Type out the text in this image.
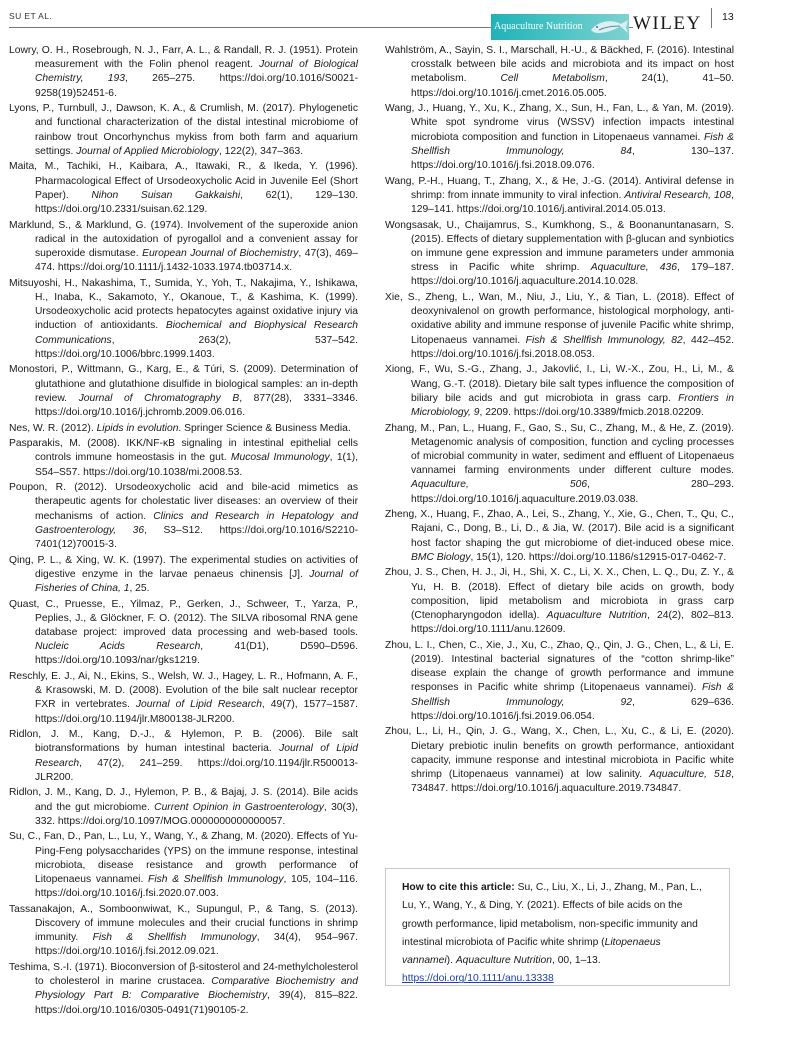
SU ET AL.
Aquaculture Nutrition	WILEY 13

Lowry, O. H., Rosebrough, N. J., Farr, A. L., & Randall, R. J. (1951). Protein measurement with the Folin phenol reagent. Journal of Biological Chemistry, 193, 265–275. https://doi.org/10.1016/S0021-9258(19)52451-6.

Lyons, P., Turnbull, J., Dawson, K. A., & Crumlish, M. (2017). Phylogenetic and functional characterization of the distal intestinal microbiome of rainbow trout Oncorhynchus mykiss from both farm and aquarium settings. Journal of Applied Microbiology, 122(2), 347–363.

Maita, M., Tachiki, H., Kaibara, A., Itawaki, R., & Ikeda, Y. (1996). Pharmacological Effect of Ursodeoxycholic Acid in Juvenile Eel (Short Paper). Nihon Suisan Gakkaishi, 62(1), 129–130. https://doi.org/10.2331/suisan.62.129.

Marklund, S., & Marklund, G. (1974). Involvement of the superoxide anion radical in the autoxidation of pyrogallol and a convenient assay for superoxide dismutase. European Journal of Biochemistry, 47(3), 469–474. https://doi.org/10.1111/j.1432-1033.1974.tb03714.x.

Mitsuyoshi, H., Nakashima, T., Sumida, Y., Yoh, T., Nakajima, Y., Ishikawa, H., Inaba, K., Sakamoto, Y., Okanoue, T., & Kashima, K. (1999). Ursodeoxycholic acid protects hepatocytes against oxidative injury via induction of antioxidants. Biochemical and Biophysical Research Communications, 263(2), 537–542. https://doi.org/10.1006/bbrc.1999.1403.

Monostori, P., Wittmann, G., Karg, E., & Túri, S. (2009). Determination of glutathione and glutathione disulfide in biological samples: an in-depth review. Journal of Chromatography B, 877(28), 3331–3346. https://doi.org/10.1016/j.jchromb.2009.06.016.

Nes, W. R. (2012). Lipids in evolution. Springer Science & Business Media.

Pasparakis, M. (2008). IKK/NF-κB signaling in intestinal epithelial cells controls immune homeostasis in the gut. Mucosal Immunology, 1(1), S54–S57. https://doi.org/10.1038/mi.2008.53.

Poupon, R. (2012). Ursodeoxycholic acid and bile-acid mimetics as therapeutic agents for cholestatic liver diseases: an overview of their mechanisms of action. Clinics and Research in Hepatology and Gastroenterology, 36, S3–S12. https://doi.org/10.1016/S2210-7401(12)70015-3.

Qing, P. L., & Xing, W. K. (1997). The experimental studies on activities of digestive enzyme in the larvae penaeus chinensis [J]. Journal of Fisheries of China, 1, 25.

Quast, C., Pruesse, E., Yilmaz, P., Gerken, J., Schweer, T., Yarza, P., Peplies, J., & Glöckner, F. O. (2012). The SILVA ribosomal RNA gene database project: improved data processing and web-based tools. Nucleic Acids Research, 41(D1), D590–D596. https://doi.org/10.1093/nar/gks1219.

Reschly, E. J., Ai, N., Ekins, S., Welsh, W. J., Hagey, L. R., Hofmann, A. F., & Krasowski, M. D. (2008). Evolution of the bile salt nuclear receptor FXR in vertebrates. Journal of Lipid Research, 49(7), 1577–1587. https://doi.org/10.1194/jlr.M800138-JLR200.

Ridlon, J. M., Kang, D.-J., & Hylemon, P. B. (2006). Bile salt biotransformations by human intestinal bacteria. Journal of Lipid Research, 47(2), 241–259. https://doi.org/10.1194/jlr.R500013-JLR200.

Ridlon, J. M., Kang, D. J., Hylemon, P. B., & Bajaj, J. S. (2014). Bile acids and the gut microbiome. Current Opinion in Gastroenterology, 30(3), 332. https://doi.org/10.1097/MOG.0000000000000057.

Su, C., Fan, D., Pan, L., Lu, Y., Wang, Y., & Zhang, M. (2020). Effects of Yu-Ping-Feng polysaccharides (YPS) on the immune response, intestinal microbiota, disease resistance and growth performance of Litopenaeus vannamei. Fish & Shellfish Immunology, 105, 104–116. https://doi.org/10.1016/j.fsi.2020.07.003.

Tassanakajon, A., Somboonwiwat, K., Supungul, P., & Tang, S. (2013). Discovery of immune molecules and their crucial functions in shrimp immunity. Fish & Shellfish Immunology, 34(4), 954–967. https://doi.org/10.1016/j.fsi.2012.09.021.

Teshima, S.-I. (1971). Bioconversion of β-sitosterol and 24-methylcholesterol to cholesterol in marine crustacea. Comparative Biochemistry and Physiology Part B: Comparative Biochemistry, 39(4), 815–822. https://doi.org/10.1016/0305-0491(71)90105-2.

Wahlström, A., Sayin, S. I., Marschall, H.-U., & Bäckhed, F. (2016). Intestinal crosstalk between bile acids and microbiota and its impact on host metabolism. Cell Metabolism, 24(1), 41–50. https://doi.org/10.1016/j.cmet.2016.05.005.

Wang, J., Huang, Y., Xu, K., Zhang, X., Sun, H., Fan, L., & Yan, M. (2019). White spot syndrome virus (WSSV) infection impacts intestinal microbiota composition and function in Litopenaeus vannamei. Fish & Shellfish Immunology, 84, 130–137. https://doi.org/10.1016/j.fsi.2018.09.076.

Wang, P.-H., Huang, T., Zhang, X., & He, J.-G. (2014). Antiviral defense in shrimp: from innate immunity to viral infection. Antiviral Research, 108, 129–141. https://doi.org/10.1016/j.antiviral.2014.05.013.

Wongsasak, U., Chaijamrus, S., Kumkhong, S., & Boonanuntanasarn, S. (2015). Effects of dietary supplementation with β-glucan and synbiotics on immune gene expression and immune parameters under ammonia stress in Pacific white shrimp. Aquaculture, 436, 179–187. https://doi.org/10.1016/j.aquaculture.2014.10.028.

Xie, S., Zheng, L., Wan, M., Niu, J., Liu, Y., & Tian, L. (2018). Effect of deoxynivalenol on growth performance, histological morphology, anti-oxidative ability and immune response of juvenile Pacific white shrimp, Litopenaeus vannamei. Fish & Shellfish Immunology, 82, 442–452. https://doi.org/10.1016/j.fsi.2018.08.053.

Xiong, F., Wu, S.-G., Zhang, J., Jakovlić, I., Li, W.-X., Zou, H., Li, M., & Wang, G.-T. (2018). Dietary bile salt types influence the composition of biliary bile acids and gut microbiota in grass carp. Frontiers in Microbiology, 9, 2209. https://doi.org/10.3389/fmicb.2018.02209.

Zhang, M., Pan, L., Huang, F., Gao, S., Su, C., Zhang, M., & He, Z. (2019). Metagenomic analysis of composition, function and cycling processes of microbial community in water, sediment and effluent of Litopenaeus vannamei farming environments under different culture modes. Aquaculture, 506, 280–293. https://doi.org/10.1016/j.aquaculture.2019.03.038.

Zheng, X., Huang, F., Zhao, A., Lei, S., Zhang, Y., Xie, G., Chen, T., Qu, C., Rajani, C., Dong, B., Li, D., & Jia, W. (2017). Bile acid is a significant host factor shaping the gut microbiome of diet-induced obese mice. BMC Biology, 15(1), 120. https://doi.org/10.1186/s12915-017-0462-7.

Zhou, J. S., Chen, H. J., Ji, H., Shi, X. C., Li, X. X., Chen, L. Q., Du, Z. Y., & Yu, H. B. (2018). Effect of dietary bile acids on growth, body composition, lipid metabolism and microbiota in grass carp (Ctenopharyngodon idella). Aquaculture Nutrition, 24(2), 802–813. https://doi.org/10.1111/anu.12609.

Zhou, L. I., Chen, C., Xie, J., Xu, C., Zhao, Q., Qin, J. G., Chen, L., & Li, E. (2019). Intestinal bacterial signatures of the “cotton shrimp-like” disease explain the change of growth performance and immune responses in Pacific white shrimp (Litopenaeus vannamei). Fish & Shellfish Immunology, 92, 629–636. https://doi.org/10.1016/j.fsi.2019.06.054.

Zhou, L., Li, H., Qin, J. G., Wang, X., Chen, L., Xu, C., & Li, E. (2020). Dietary prebiotic inulin benefits on growth performance, antioxidant capacity, immune response and intestinal microbiota in Pacific white shrimp (Litopenaeus vannamei) at low salinity. Aquaculture, 518, 734847. https://doi.org/10.1016/j.aquaculture.2019.734847.

How to cite this article: Su, C., Liu, X., Li, J., Zhang, M., Pan, L., Lu, Y., Wang, Y., & Ding, Y. (2021). Effects of bile acids on the growth performance, lipid metabolism, non-specific immunity and intestinal microbiota of Pacific white shrimp (Litopenaeus vannamei). Aquaculture Nutrition, 00, 1–13.
https://doi.org/10.1111/anu.13338
